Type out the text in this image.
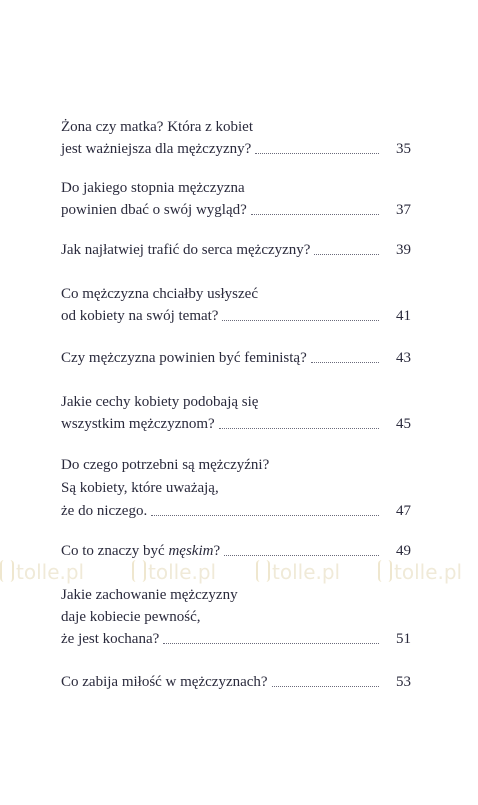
tolle.pl	tolle.pl	tolle.pl	tolle.pl
Żona czy matka? Która z kobiet
jest ważniejsza dla mężczyzny?	35
Do jakiego stopnia mężczyzna
powinien dbać o swój wygląd?	37
Jak najłatwiej trafić do serca mężczyzny?	39
Co mężczyzna chciałby usłyszeć
od kobiety na swój temat?	41
Czy mężczyzna powinien być feministą?	43
Jakie cechy kobiety podobają się
wszystkim mężczyznom?	45
Do czego potrzebni są mężczyźni?
Są kobiety, które uważają,
że do niczego.	47
Co to znaczy być męskim?	49
Jakie zachowanie mężczyzny
daje kobiecie pewność,
że jest kochana?	51
Co zabija miłość w mężczyznach?	53
